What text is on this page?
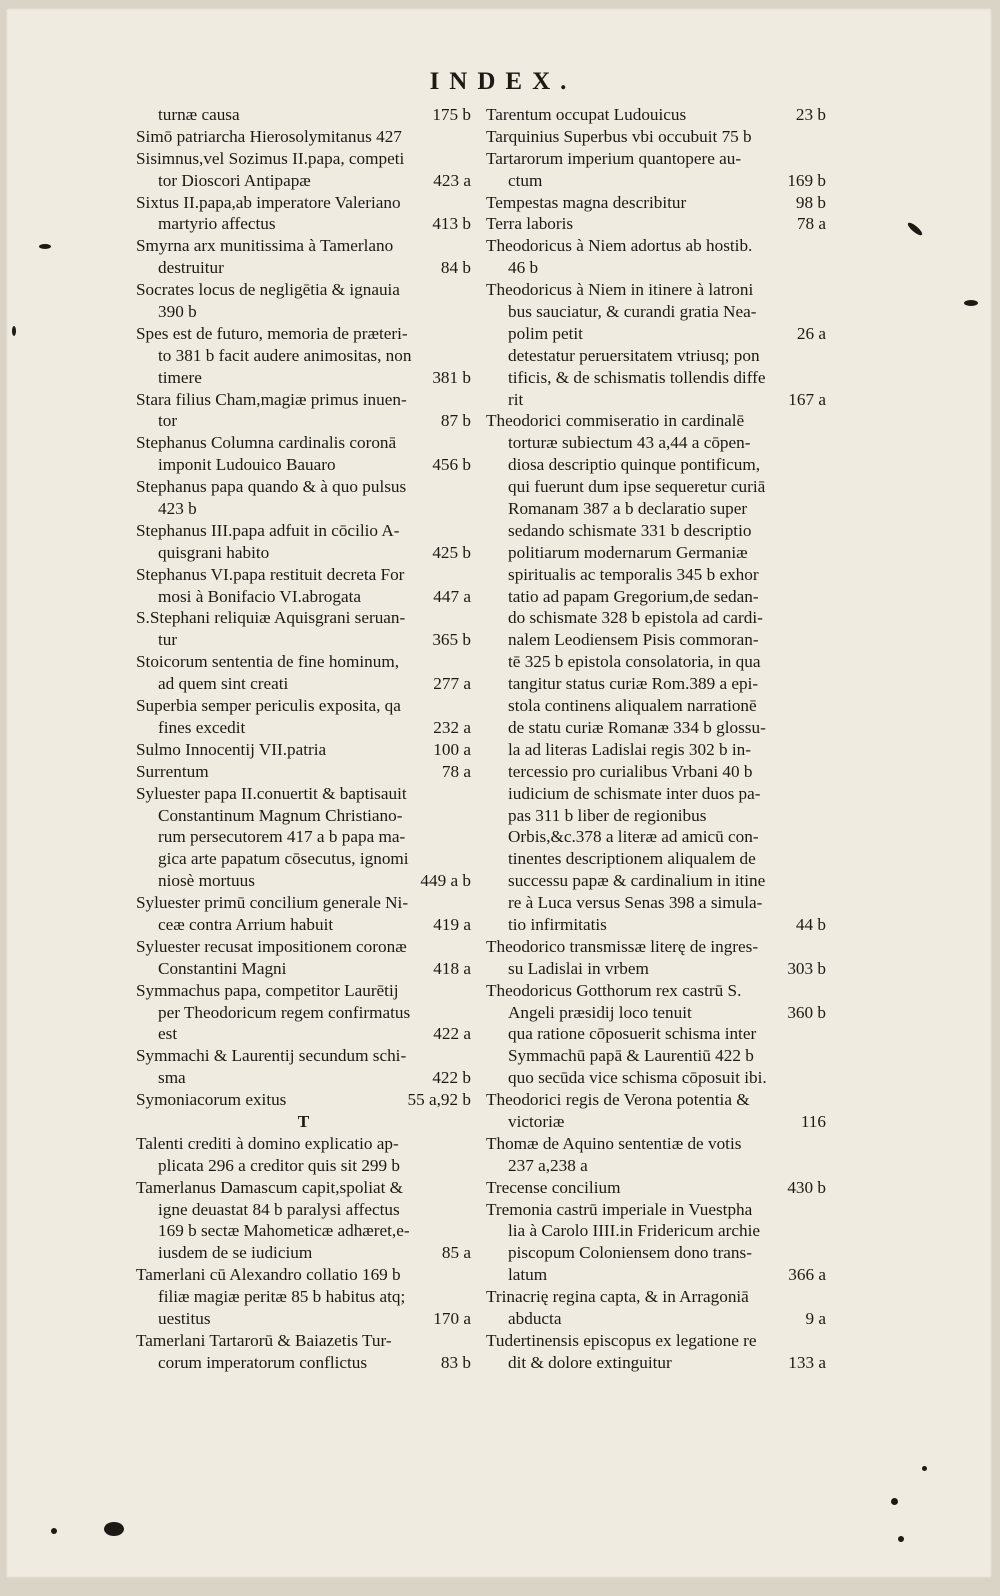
INDEX.
turnæ causa	175 b
Simō patriarcha Hierosolymitanus 427
Sisimnus,vel Sozimus II.papa, competi
tor Dioscori Antipapæ	423 a
Sixtus II.papa,ab imperatore Valeriano
martyrio affectus	413 b
Smyrna arx munitissima à Tamerlano
destruitur	84 b
Socrates locus de negligētia & ignauia
390 b
Spes est de futuro, memoria de præteri-
to 381 b facit audere animositas, non
timere	381 b
Stara filius Cham,magiæ primus inuen-
tor	87 b
Stephanus Columna cardinalis coronā
imponit Ludouico Bauaro	456 b
Stephanus papa quando & à quo pulsus
423 b
Stephanus III.papa adfuit in cōcilio A-
quisgrani habito	425 b
Stephanus VI.papa restituit decreta For
mosi à Bonifacio VI.abrogata	447 a
S.Stephani reliquiæ Aquisgrani seruan-
tur	365 b
Stoicorum sententia de fine hominum,
ad quem sint creati	277 a
Superbia semper periculis exposita, qa
fines excedit	232 a
Sulmo Innocentij VII.patria	100 a
Surrentum	78 a
Syluester papa II.conuertit & baptisauit
Constantinum Magnum Christiano-
rum persecutorem 417 a b papa ma-
gica arte papatum cōsecutus, ignomi
niosè mortuus	449 a b
Syluester primū concilium generale Ni-
ceæ contra Arrium habuit	419 a
Syluester recusat impositionem coronæ
Constantini Magni	418 a
Symmachus papa, competitor Laurētij
per Theodoricum regem confirmatus
est	422 a
Symmachi & Laurentij secundum schi-
sma	422 b
Symoniacorum exitus	55 a,92 b
T
Talenti crediti à domino explicatio ap-
plicata 296 a creditor quis sit 299 b
Tamerlanus Damascum capit,spoliat &
igne deuastat 84 b paralysi affectus
169 b sectæ Mahometicæ adhæret,e-
iusdem de se iudicium	85 a
Tamerlani cū Alexandro collatio 169 b
filiæ magiæ peritæ 85 b habitus atq;
uestitus	170 a
Tamerlani Tartarorū & Baiazetis Tur-
corum imperatorum conflictus	83 b
Tarentum occupat Ludouicus	23 b
Tarquinius Superbus vbi occubuit 75 b
Tartarorum imperium quantopere au-
ctum	169 b
Tempestas magna describitur	98 b
Terra laboris	78 a
Theodoricus à Niem adortus ab hostib.
46 b
Theodoricus à Niem in itinere à latroni
bus sauciatur, & curandi gratia Nea-
polim petit	26 a
detestatur peruersitatem vtriusq; pon
tificis, & de schismatis tollendis diffe
rit	167 a
Theodorici commiseratio in cardinalē
torturæ subiectum 43 a,44 a cōpen-
diosa descriptio quinque pontificum,
qui fuerunt dum ipse sequeretur curiā
Romanam 387 a b declaratio super
sedando schismate 331 b descriptio
politiarum modernarum Germaniæ
spiritualis ac temporalis 345 b exhor
tatio ad papam Gregorium,de sedan-
do schismate 328 b epistola ad cardi-
nalem Leodiensem Pisis commoran-
tē 325 b epistola consolatoria, in qua
tangitur status curiæ Rom.389 a epi-
stola continens aliqualem narrationē
de statu curiæ Romanæ 334 b glossu-
la ad literas Ladislai regis 302 b in-
tercessio pro curialibus Vrbani 40 b
iudicium de schismate inter duos pa-
pas 311 b liber de regionibus
Orbis,&c.378 a literæ ad amicū con-
tinentes descriptionem aliqualem de
successu papæ & cardinalium in itine
re à Luca versus Senas 398 a simula-
tio infirmitatis	44 b
Theodorico transmissæ literę de ingres-
su Ladislai in vrbem	303 b
Theodoricus Gotthorum rex castrū S.
Angeli præsidij loco tenuit	360 b
qua ratione cōposuerit schisma inter
Symmachū papā & Laurentiū 422 b
quo secūda vice schisma cōposuit ibi.
Theodorici regis de Verona potentia &
victoriæ	116
Thomæ de Aquino sententiæ de votis
237 a,238 a
Trecense concilium	430 b
Tremonia castrū imperiale in Vuestpha
lia à Carolo IIII.in Fridericum archie
piscopum Coloniensem dono trans-
latum	366 a
Trinacrię regina capta, & in Arragoniā
abducta	9 a
Tudertinensis episcopus ex legatione re
dit & dolore extinguitur	133 a
